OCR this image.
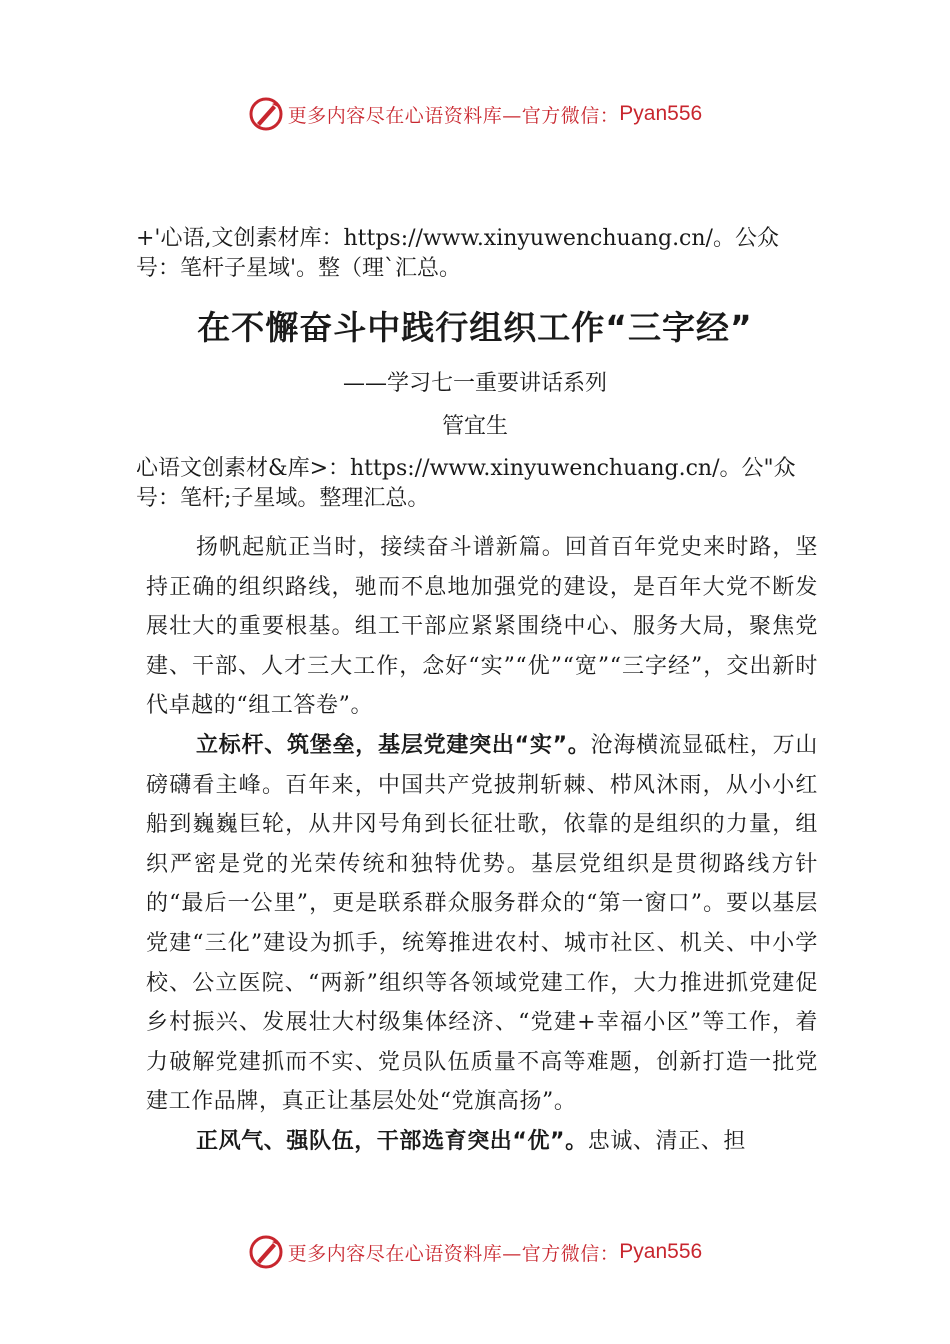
更多内容尽在心语资料库—官方微信： Pyan556
+'心语,文创素材库：https://www.xinyuwenchuang.cn/。公众
号：笔杆子星域'。整（理`汇总。
在不懈奋斗中践行组织工作“三字经”
——学习七一重要讲话系列
管宜生
心语文创素材&库>：https://www.xinyuwenchuang.cn/。公"众
号：笔杆;子星域。整理汇总。

扬帆起航正当时，接续奋斗谱新篇。回首百年党史来时路，坚持正确的组织路线，驰而不息地加强党的建设，是百年大党不断发展壮大的重要根基。组工干部应紧紧围绕中心、服务大局，聚焦党建、干部、人才三大工作，念好“实”“优”“宽”“三字经”，交出新时代卓越的“组工答卷”。

立标杆、筑堡垒，基层党建突出“实”。沧海横流显砥柱，万山磅礴看主峰。百年来，中国共产党披荆斩棘、栉风沐雨，从小小红船到巍巍巨轮，从井冈号角到长征壮歌，依靠的是组织的力量，组织严密是党的光荣传统和独特优势。基层党组织是贯彻路线方针的“最后一公里”，更是联系群众服务群众的“第一窗口”。要以基层党建“三化”建设为抓手，统筹推进农村、城市社区、机关、中小学校、公立医院、“两新”组织等各领域党建工作，大力推进抓党建促乡村振兴、发展壮大村级集体经济、“党建+幸福小区”等工作，着力破解党建抓而不实、党员队伍质量不高等难题，创新打造一批党建工作品牌，真正让基层处处“党旗高扬”。

正风气、强队伍，干部选育突出“优”。忠诚、清正、担

更多内容尽在心语资料库—官方微信： Pyan556
